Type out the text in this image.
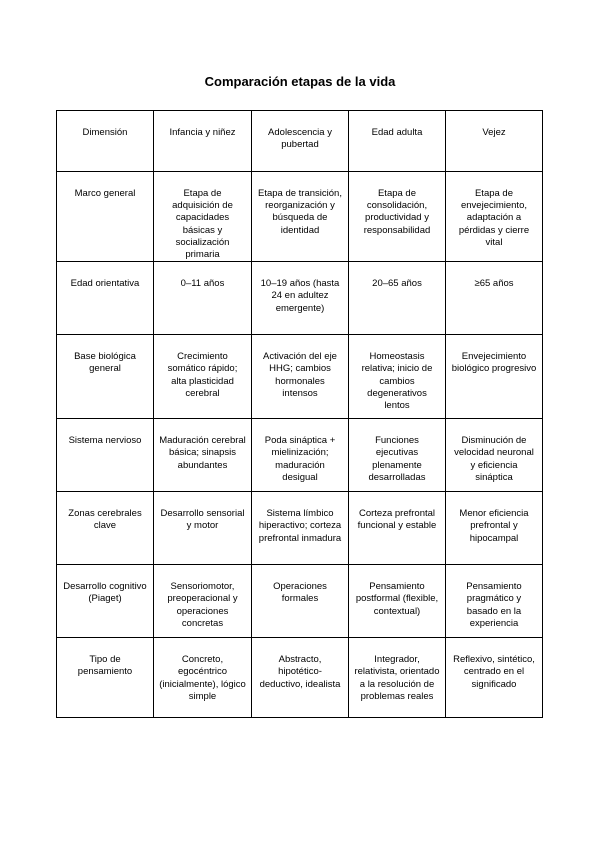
Comparación etapas de la vida
Dimensión	Infancia y niñez	Adolescencia y pubertad	Edad adulta	Vejez
Marco general	Etapa de adquisición de capacidades básicas y socialización primaria	Etapa de transición, reorganización y búsqueda de identidad	Etapa de consolidación, productividad y responsabilidad	Etapa de envejecimiento, adaptación a pérdidas y cierre vital
Edad orientativa	0–11 años	10–19 años (hasta 24 en adultez emergente)	20–65 años	≥65 años
Base biológica general	Crecimiento somático rápido; alta plasticidad cerebral	Activación del eje HHG; cambios hormonales intensos	Homeostasis relativa; inicio de cambios degenerativos lentos	Envejecimiento biológico progresivo
Sistema nervioso	Maduración cerebral básica; sinapsis abundantes	Poda sináptica + mielinización; maduración desigual	Funciones ejecutivas plenamente desarrolladas	Disminución de velocidad neuronal y eficiencia sináptica
Zonas cerebrales clave	Desarrollo sensorial y motor	Sistema límbico hiperactivo; corteza prefrontal inmadura	Corteza prefrontal funcional y estable	Menor eficiencia prefrontal y hipocampal
Desarrollo cognitivo (Piaget)	Sensoriomotor, preoperacional y operaciones concretas	Operaciones formales	Pensamiento postformal (flexible, contextual)	Pensamiento pragmático y basado en la experiencia
Tipo de pensamiento	Concreto, egocéntrico (inicialmente), lógico simple	Abstracto, hipotético-deductivo, idealista	Integrador, relativista, orientado a la resolución de problemas reales	Reflexivo, sintético, centrado en el significado
